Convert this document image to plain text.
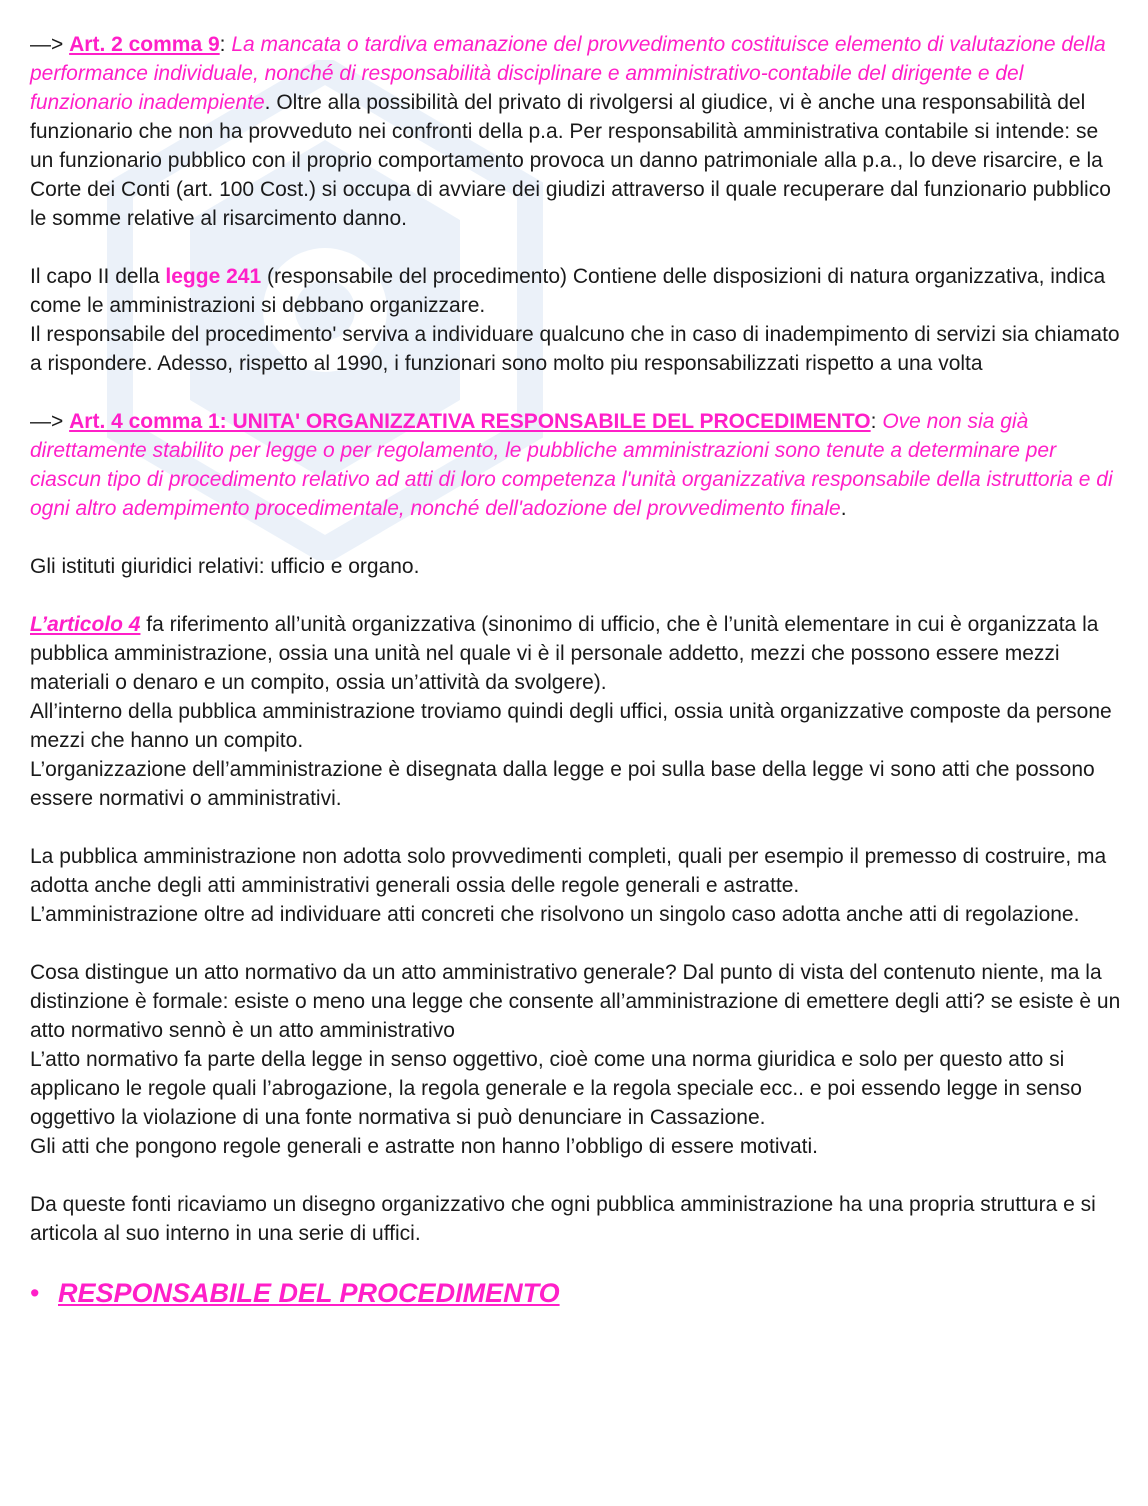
—> Art. 2 comma 9: La mancata o tardiva emanazione del provvedimento costituisce elemento di valutazione della performance individuale, nonché di responsabilità disciplinare e amministrativo-contabile del dirigente e del funzionario inadempiente. Oltre alla possibilità del privato di rivolgersi al giudice, vi è anche una responsabilità del funzionario che non ha provveduto nei confronti della p.a. Per responsabilità amministrativa contabile si intende: se un funzionario pubblico con il proprio comportamento provoca un danno patrimoniale alla p.a., lo deve risarcire, e la Corte dei Conti (art. 100 Cost.) si occupa di avviare dei giudizi attraverso il quale recuperare dal funzionario pubblico le somme relative al risarcimento danno.

Il capo II della legge 241 (responsabile del procedimento) Contiene delle disposizioni di natura organizzativa, indica come le amministrazioni si debbano organizzare.

Il responsabile del procedimento' serviva a individuare qualcuno che in caso di inadempimento di servizi sia chiamato a rispondere. Adesso, rispetto al 1990, i funzionari sono molto piu responsabilizzati rispetto a una volta

—> Art. 4 comma 1: UNITA' ORGANIZZATIVA RESPONSABILE DEL PROCEDIMENTO: Ove non sia già direttamente stabilito per legge o per regolamento, le pubbliche amministrazioni sono tenute a determinare per ciascun tipo di procedimento relativo ad atti di loro competenza l'unità organizzativa responsabile della istruttoria e di ogni altro adempimento procedimentale, nonché dell'adozione del provvedimento finale.

Gli istituti giuridici relativi: ufficio e organo.

L’articolo 4 fa riferimento all’unità organizzativa (sinonimo di ufficio, che è l’unità elementare in cui è organizzata la pubblica amministrazione, ossia una unità nel quale vi è il personale addetto, mezzi che possono essere mezzi materiali o denaro e un compito, ossia un’attività da svolgere).

All’interno della pubblica amministrazione troviamo quindi degli uffici, ossia unità organizzative composte da persone mezzi che hanno un compito.

L’organizzazione dell’amministrazione è disegnata dalla legge e poi sulla base della legge vi sono atti che possono essere normativi o amministrativi.

La pubblica amministrazione non adotta solo provvedimenti completi, quali per esempio il premesso di costruire, ma adotta anche degli atti amministrativi generali ossia delle regole generali e astratte.

L’amministrazione oltre ad individuare atti concreti che risolvono un singolo caso adotta anche atti di regolazione.

Cosa distingue un atto normativo da un atto amministrativo generale? Dal punto di vista del contenuto niente, ma la distinzione è formale: esiste o meno una legge che consente all’amministrazione di emettere degli atti? se esiste è un atto normativo sennò è un atto amministrativo

L’atto normativo fa parte della legge in senso oggettivo, cioè come una norma giuridica e solo per questo atto si applicano le regole quali l’abrogazione, la regola generale e la regola speciale ecc.. e poi essendo legge in senso oggettivo la violazione di una fonte normativa si può denunciare in Cassazione.

Gli atti che pongono regole generali e astratte non hanno l’obbligo di essere motivati.

Da queste fonti ricaviamo un disegno organizzativo che ogni pubblica amministrazione ha una propria struttura e si articola al suo interno in una serie di uffici.

• RESPONSABILE DEL PROCEDIMENTO
